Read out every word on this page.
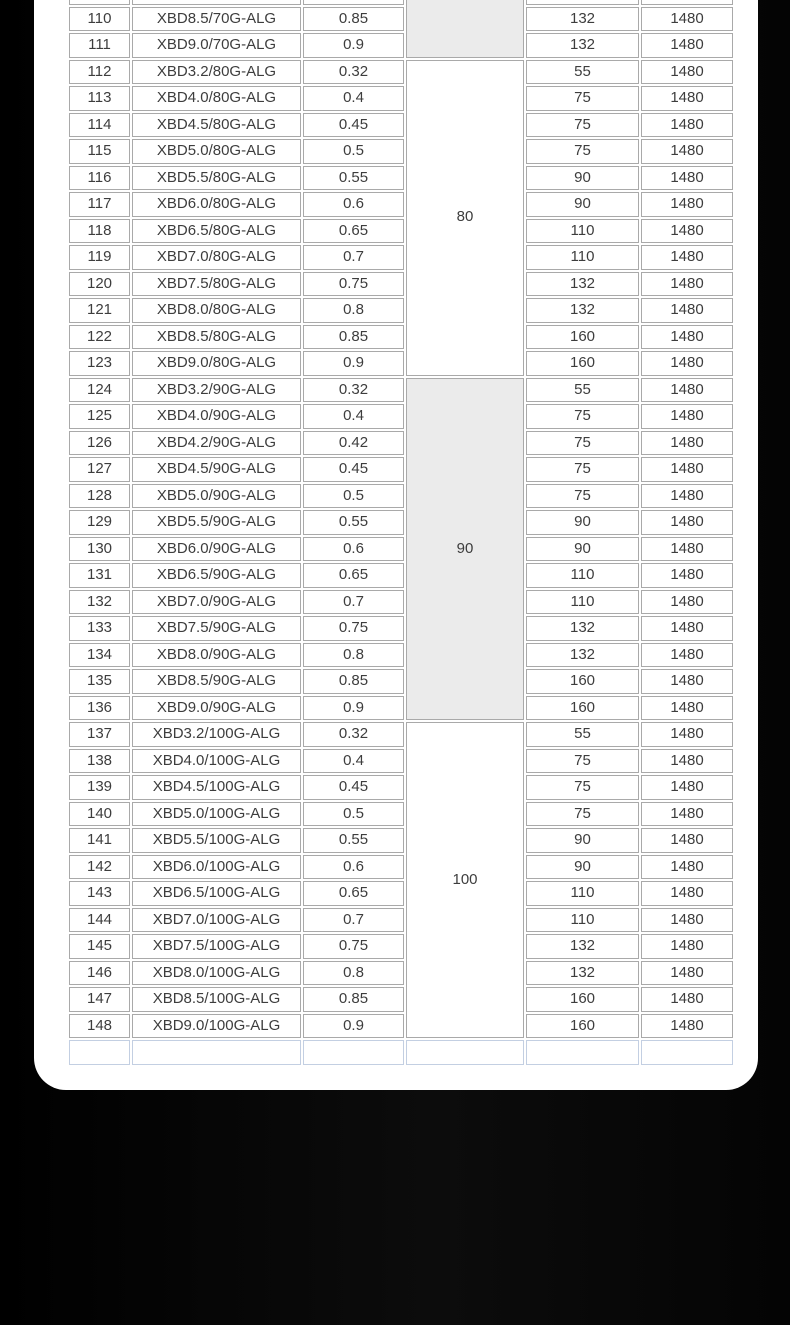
110	XBD8.5/70G-ALG	0.85		132	1480
111	XBD9.0/70G-ALG	0.9		132	1480
112	XBD3.2/80G-ALG	0.32	80	55	1480
113	XBD4.0/80G-ALG	0.4		75	1480
114	XBD4.5/80G-ALG	0.45		75	1480
115	XBD5.0/80G-ALG	0.5		75	1480
116	XBD5.5/80G-ALG	0.55		90	1480
117	XBD6.0/80G-ALG	0.6		90	1480
118	XBD6.5/80G-ALG	0.65		110	1480
119	XBD7.0/80G-ALG	0.7		110	1480
120	XBD7.5/80G-ALG	0.75		132	1480
121	XBD8.0/80G-ALG	0.8		132	1480
122	XBD8.5/80G-ALG	0.85		160	1480
123	XBD9.0/80G-ALG	0.9		160	1480
124	XBD3.2/90G-ALG	0.32	90	55	1480
125	XBD4.0/90G-ALG	0.4		75	1480
126	XBD4.2/90G-ALG	0.42		75	1480
127	XBD4.5/90G-ALG	0.45		75	1480
128	XBD5.0/90G-ALG	0.5		75	1480
129	XBD5.5/90G-ALG	0.55		90	1480
130	XBD6.0/90G-ALG	0.6		90	1480
131	XBD6.5/90G-ALG	0.65		110	1480
132	XBD7.0/90G-ALG	0.7		110	1480
133	XBD7.5/90G-ALG	0.75		132	1480
134	XBD8.0/90G-ALG	0.8		132	1480
135	XBD8.5/90G-ALG	0.85		160	1480
136	XBD9.0/90G-ALG	0.9		160	1480
137	XBD3.2/100G-ALG	0.32	100	55	1480
138	XBD4.0/100G-ALG	0.4		75	1480
139	XBD4.5/100G-ALG	0.45		75	1480
140	XBD5.0/100G-ALG	0.5		75	1480
141	XBD5.5/100G-ALG	0.55		90	1480
142	XBD6.0/100G-ALG	0.6		90	1480
143	XBD6.5/100G-ALG	0.65		110	1480
144	XBD7.0/100G-ALG	0.7		110	1480
145	XBD7.5/100G-ALG	0.75		132	1480
146	XBD8.0/100G-ALG	0.8		132	1480
147	XBD8.5/100G-ALG	0.85		160	1480
148	XBD9.0/100G-ALG	0.9		160	1480
